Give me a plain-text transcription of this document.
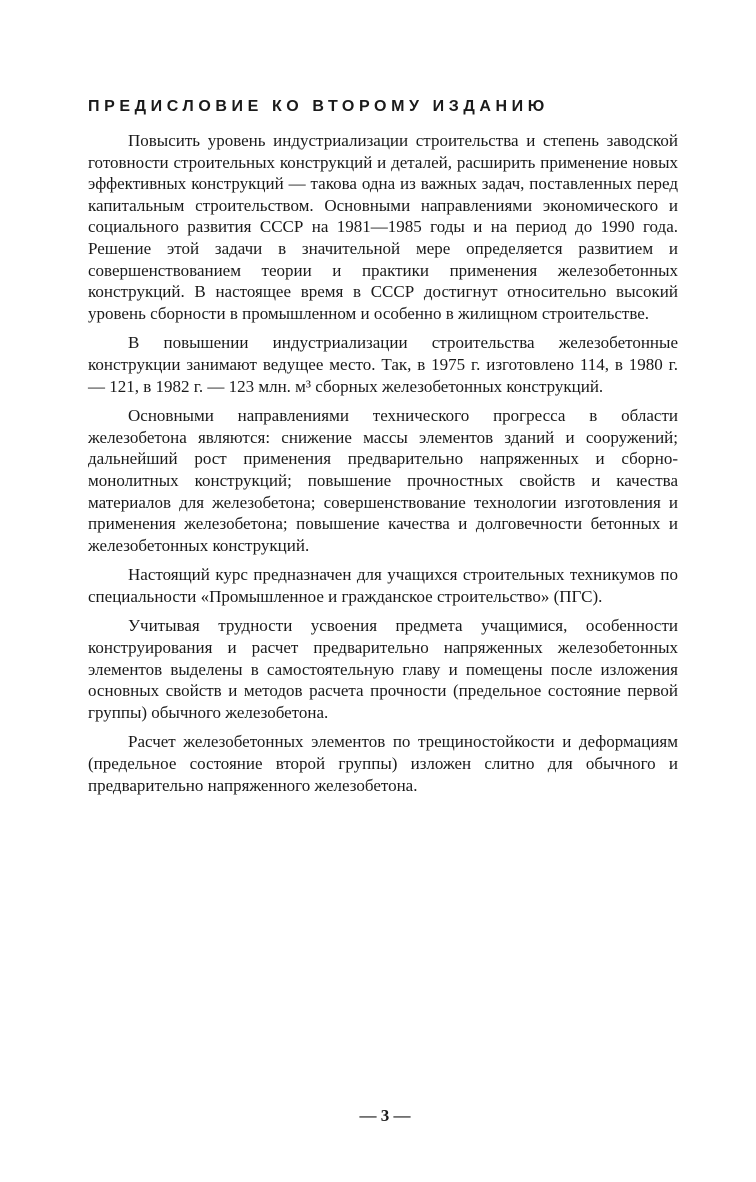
ПРЕДИСЛОВИЕ КО ВТОРОМУ ИЗДАНИЮ

Повысить уровень индустриализации строительства и степень заводской готовности строительных конструкций и деталей, расширить применение новых эффективных конструкций — такова одна из важных задач, поставленных перед капитальным строительством. Основными направлениями экономического и социального развития СССР на 1981—1985 годы и на период до 1990 года. Решение этой задачи в значительной мере определяется развитием и совершенствованием теории и практики применения железобетонных конструкций. В настоящее время в СССР достигнут относительно высокий уровень сборности в промышленном и особенно в жилищном строительстве.

В повышении индустриализации строительства железобетонные конструкции занимают ведущее место. Так, в 1975 г. изготовлено 114, в 1980 г. — 121, в 1982 г. — 123 млн. м³ сборных железобетонных конструкций.

Основными направлениями технического прогресса в области железобетона являются: снижение массы элементов зданий и сооружений; дальнейший рост применения предварительно напряженных и сборно-монолитных конструкций; повышение прочностных свойств и качества материалов для железобетона; совершенствование технологии изготовления и применения железобетона; повышение качества и долговечности бетонных и железобетонных конструкций.

Настоящий курс предназначен для учащихся строительных техникумов по специальности «Промышленное и гражданское строительство» (ПГС).

Учитывая трудности усвоения предмета учащимися, особенности конструирования и расчет предварительно напряженных железобетонных элементов выделены в самостоятельную главу и помещены после изложения основных свойств и методов расчета прочности (предельное состояние первой группы) обычного железобетона.

Расчет железобетонных элементов по трещиностойкости и деформациям (предельное состояние второй группы) изложен слитно для обычного и предварительно напряженного железобетона.

— 3 —
